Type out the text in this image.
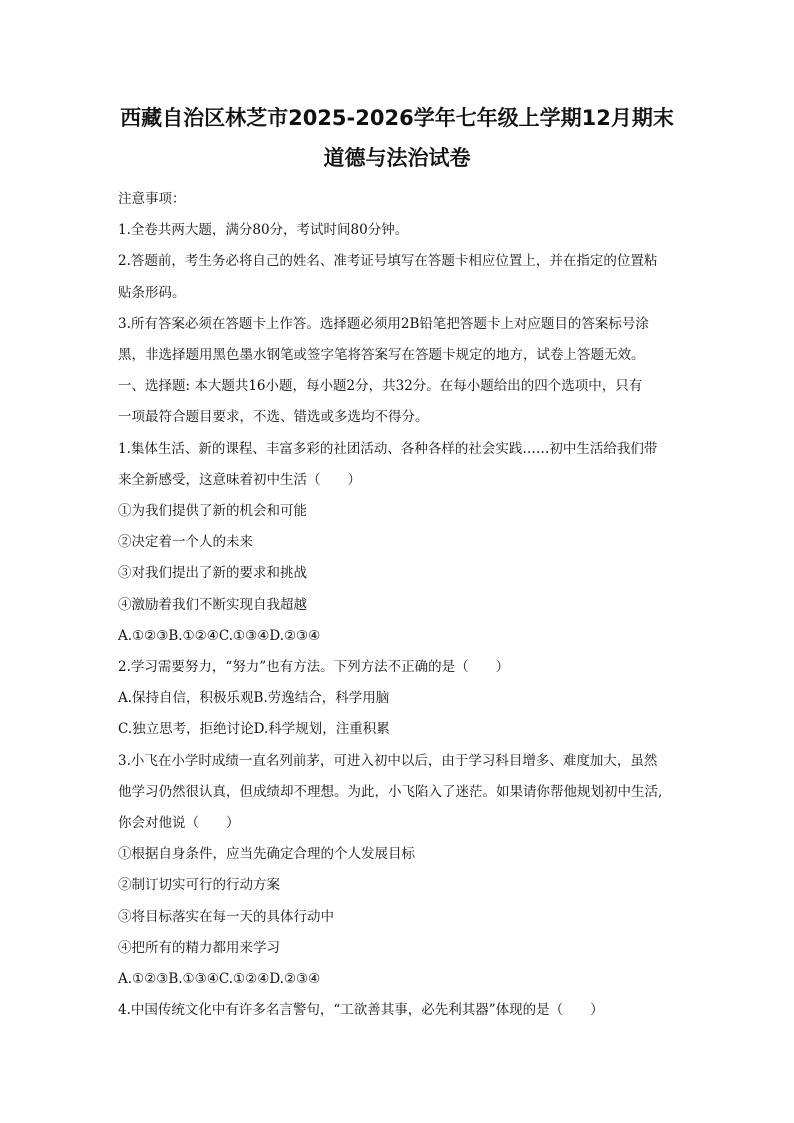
西藏自治区林芝市2025-2026学年七年级上学期12月期末
道德与法治试卷

注意事项：

1.全卷共两大题，满分80分，考试时间80分钟。

2.答题前，考生务必将自己的姓名、准考证号填写在答题卡相应位置上，并在指定的位置粘

贴条形码。

3.所有答案必须在答题卡上作答。选择题必须用2B铅笔把答题卡上对应题目的答案标号涂

黑，非选择题用黑色墨水钢笔或签字笔将答案写在答题卡规定的地方，试卷上答题无效。

一、选择题: 本大题共16小题，每小题2分，共32分。在每小题给出的四个选项中，只有

一项最符合题目要求，不选、错选或多选均不得分。

1.集体生活、新的课程、丰富多彩的社团活动、各种各样的社会实践……初中生活给我们带

来全新感受，这意味着初中生活（　　）

①为我们提供了新的机会和可能

②决定着一个人的未来

③对我们提出了新的要求和挑战

④激励着我们不断实现自我超越

A.①②③B.①②④C.①③④D.②③④

2.学习需要努力，“努力”也有方法。下列方法不正确的是（　　）

A.保持自信，积极乐观B.劳逸结合，科学用脑

C.独立思考，拒绝讨论D.科学规划，注重积累

3.小飞在小学时成绩一直名列前茅，可进入初中以后，由于学习科目增多、难度加大，虽然

他学习仍然很认真，但成绩却不理想。为此，小飞陷入了迷茫。如果请你帮他规划初中生活,

你会对他说（　　）

①根据自身条件，应当先确定合理的个人发展目标

②制订切实可行的行动方案

③将目标落实在每一天的具体行动中

④把所有的精力都用来学习

A.①②③B.①③④C.①②④D.②③④

4.中国传统文化中有许多名言警句，“工欲善其事，必先利其器”体现的是（　　）
